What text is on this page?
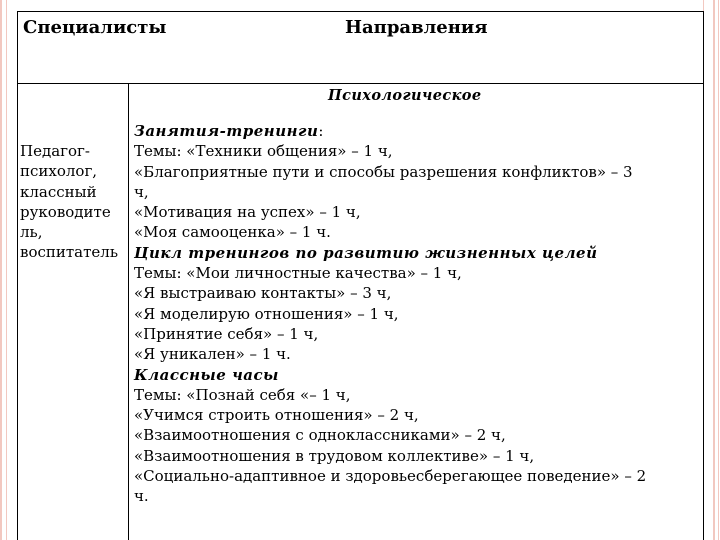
Специалисты	Направления
Психологическое
Педагог-
психолог,
классный
руководите
ль,
воспитатель
Занятия-тренинги:
Темы: «Техники общения» – 1 ч,
«Благоприятные пути и способы разрешения конфликтов» – 3
ч,
«Мотивация на успех» – 1 ч,
«Моя самооценка» – 1 ч.
Цикл тренингов по развитию жизненных целей
Темы: «Мои личностные качества» – 1 ч,
«Я выстраиваю контакты» – 3 ч,
«Я моделирую отношения» – 1 ч,
«Принятие себя» – 1 ч,
«Я уникален» – 1 ч.
Классные часы
Темы: «Познай себя «– 1 ч,
«Учимся строить отношения» – 2 ч,
«Взаимоотношения с одноклассниками» – 2 ч,
«Взаимоотношения в трудовом коллективе» – 1 ч,
«Социально-адаптивное и здоровьесберегающее поведение» – 2
ч.
